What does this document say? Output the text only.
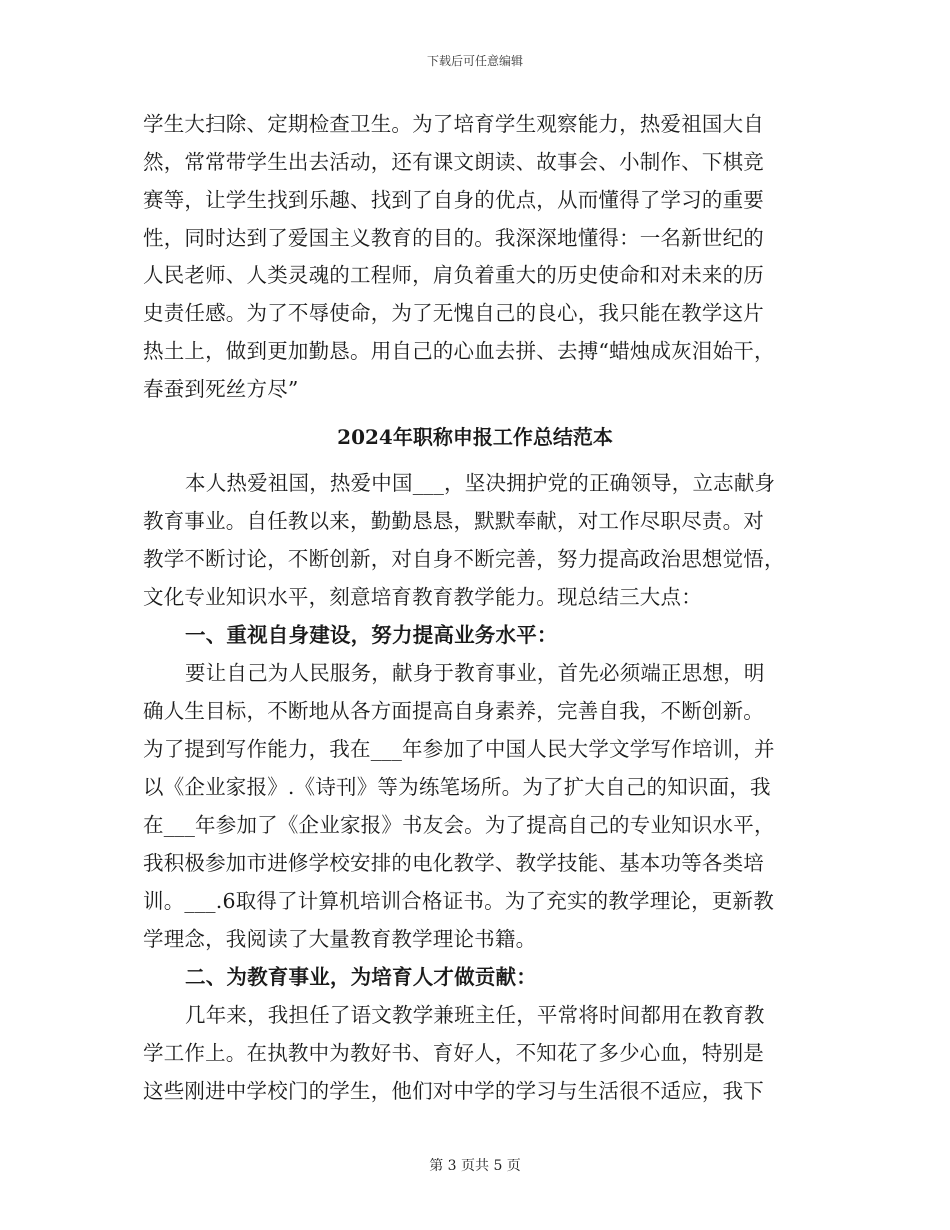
下载后可任意编辑
学生大扫除、定期检查卫生。为了培育学生观察能力，热爱祖国大自
然，常常带学生出去活动，还有课文朗读、故事会、小制作、下棋竞
赛等，让学生找到乐趣、找到了自身的优点，从而懂得了学习的重要
性，同时达到了爱国主义教育的目的。我深深地懂得：一名新世纪的
人民老师、人类灵魂的工程师，肩负着重大的历史使命和对未来的历
史责任感。为了不辱使命，为了无愧自己的良心，我只能在教学这片
热土上，做到更加勤恳。用自己的心血去拼、去搏“蜡烛成灰泪始干，
春蚕到死丝方尽”
2024年职称申报工作总结范本
本人热爱祖国，热爱中国___，坚决拥护党的正确领导，立志献身
教育事业。自任教以来，勤勤恳恳，默默奉献，对工作尽职尽责。对
教学不断讨论，不断创新，对自身不断完善，努力提高政治思想觉悟，
文化专业知识水平，刻意培育教育教学能力。现总结三大点：
一、重视自身建设，努力提高业务水平：
要让自己为人民服务，献身于教育事业，首先必须端正思想，明
确人生目标，不断地从各方面提高自身素养，完善自我，不断创新。
为了提到写作能力，我在___年参加了中国人民大学文学写作培训，并
以《企业家报》.《诗刊》等为练笔场所。为了扩大自己的知识面，我
在___年参加了《企业家报》书友会。为了提高自己的专业知识水平，
我积极参加市进修学校安排的电化教学、教学技能、基本功等各类培
训。___.6取得了计算机培训合格证书。为了充实的教学理论，更新教
学理念，我阅读了大量教育教学理论书籍。
二、为教育事业，为培育人才做贡献：
几年来，我担任了语文教学兼班主任，平常将时间都用在教育教
学工作上。在执教中为教好书、育好人，不知花了多少心血，特别是
这些刚进中学校门的学生，他们对中学的学习与生活很不适应，我下
第 3 页共 5 页
